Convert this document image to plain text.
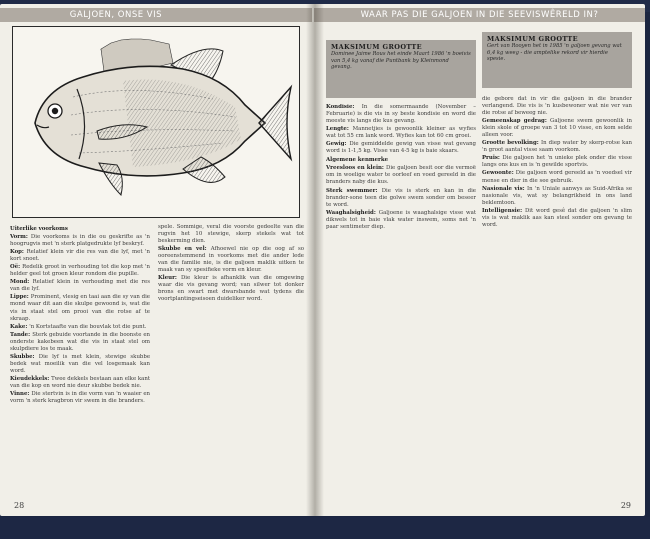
GALJOEN, ONSE VIS

Uiterlike voorkoms

Vorm: Die voorkoms is in die ou geskrifte as 'n hoogrugvis met 'n sterk platgedrukte lyf beskryf.

Kop: Relatief klein vir die res van die lyf, met 'n kort snoet.

Oë: Redelik groot in verhouding tot die kop met 'n helder geel tot groen kleur rondom die pupille.

Mond: Relatief klein in verhouding met die res van die lyf.

Lippe: Prominent, vlesig en taai aan die sy van die mond waar dit aan die skulpe gewoond is, wat die vis in staat stel om prooi van die rotse af te skraap.

Kake: 'n Kortstaafte van die bouvlak tot die punt.

Tande: Sterk gebuide voortande in die boonste en onderste kakebeen wat die vis in staat stel om skulpdiere los te maak.

Skubbe: Die lyf is met klein, stewige skubbe bedek wat moeilik van die vel losgemaak kan word.

Kieudekkels: Twee dekkels bestaan aan elke kant van die kop en word nie deur skubbe bedek nie.

Vinne: Die stertvin is in die vorm van 'n waaier en vorm 'n sterk kragbron vir swem in die branders.

spele. Sommige, veral die voorste gedeelte van die rugvin het 10 stewige, skerp stekels wat tot beskerming dien.

Skubbe en vel: Afhoewel nie op die oog af so ooreenstemmend in voorkoms met die ander lede van die familie nie, is die galjoen maklik uitken te maak van sy spesifieke vorm en kleur.

Kleur: Die kleur is afhanklik van die omgewing waar die vis gevang word; van silwer tot donker brons en swart met dwarsbande wat tydens die voortplantingseisoen duideliker word.

28
WAAR PAS DIE GALJOEN IN DIE SEEVISWÊRELD IN?
MAKSIMUM GROOTTE
Dominee Jaime Rous het einde Maart 1986 'n boeivis van 5,4 kg vanaf die Puntbank by Kleinmond gevang.
MAKSIMUM GROOTTE
Gert van Rooyen het in 1985 'n galjoen gevang wat 6,4 kg weeg - die amptelike rekord vir hierdie spesie.

Kondisie: In die somermaande (November – Februarie) is die vis in sy beste kondisie en word die meeste vis langs die kus gevang.

Lengte: Mannetjies is gewoonlik kleiner as wyfies wat tot 55 cm lank word. Wyfies kan tot 60 cm groei.

Gewig: Die gemiddelde gewig van visse wat gevang word is 1-1,5 kg. Visse van 4-5 kg is baie skaars.

Algemene kenmerke

Vreesloos en klein: Die galjoen besit oor die vermoë om in woelige water te oorleef en voed gereeld in die branders naby die kus.

Sterk swemmer: Die vis is sterk en kan in die brander-sone teen die golwe swem sonder om beseer te word.

Waaghalsigheid: Galjoene is waaghalsige visse wat dikwels tot in baie vlak water inswem, soms net 'n paar sentimeter diep.

die gebore dat in vir die galjoen in die brander verlangend. Die vis is 'n kusbewoner wat nie ver van die rotse af beweeg nie.

Gemeenskap gedrag: Galjoene swem gewoonlik in klein skole of groepe van 3 tot 10 visse, en kom selde alleen voor.

Grootte bevolking: In diep water by skerp-rotse kan 'n groot aantal visse saam voorkom.

Pruis: Die galjoen het 'n unieke plek onder die visse langs ons kus en is 'n gewilde sportvis.

Gewoonte: Die galjoen word gereeld as 'n voedsel vir mense en dier in die see gebruik.

Nasionale vis: In 'n Uniale aanwys as Suid-Afrika se nasionale vis, wat sy belangrikheid in ons land beklemtoon.

Intelligensie: Dit word gesê dat die galjoen 'n slim vis is wat maklik aas kan steel sonder om gevang te word.

29
